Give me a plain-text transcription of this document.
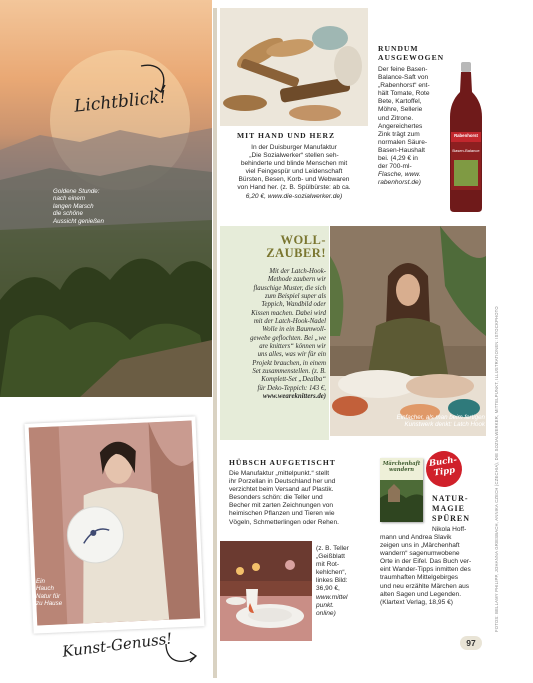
Lichtblick!
Goldene Stunde:
nach einem
langen Marsch
die schöne
Aussicht genießen
MIT HAND UND HERZ
In der Duisburger Manufaktur
„Die Sozialwerker“ stellen seh-
behinderte und blinde Menschen mit
viel Feingespür und Leidenschaft
Bürsten, Besen, Korb- und Webwaren
von Hand her. (z. B. Spülbürste: ab ca.
6,20 €, www.die-sozialwerker.de)
RUNDUM
AUSGEWOGEN
Der feine Basen-
Balance-Saft von
„Rabenhorst“ ent-
hält Tomate, Rote
Bete, Kartoffel,
Möhre, Sellerie
und Zitrone.
Angereichertes
Zink trägt zum
normalen Säure-
Basen-Haushalt
bei. (4,29 € in
der 700-ml-
Flasche, www.
rabenhorst.de)
Rabenhorst
Basen-Balance
WOLL-
ZAUBER!
Mit der Latch-Hook-
Methode zaubern wir
flauschige Muster, die sich
zum Beispiel super als
Teppich, Wandbild oder
Kissen machen. Dabei wird
mit der Latch-Hook-Nadel
Wolle in ein Baumwoll-
gewebe geflochten. Bei „we
are knitters“ können wir
uns alles, was wir für ein
Projekt brauchen, in einem
Set zusammenstellen. (z. B.
Komplett-Set „Dealba“
für Deko-Teppich: 143 €,
www.weareknitters.de)
Einfacher, als man beim fertigen
Kunstwerk denkt: Latch Hook
Ein
Hauch
Natur für
zu Hause
Kunst-Genuss!
HÜBSCH AUFGETISCHT
Die Manufaktur „mittelpunkt.“ stellt
ihr Porzellan in Deutschland her und
verzichtet beim Versand auf Plastik.
Besonders schön: die Teller und
Becher mit zarten Zeichnungen von
heimischen Pflanzen und Tieren wie
Vögeln, Schmetterlingen oder Rehen.
(z. B. Teller
„Geißblatt
mit Rot-
kehlchen“,
linkes Bild:
36,90 €,
www.mittel
punkt.
online)
Märchenhaft
wandern
Buch-
Tipp
NATUR-
MAGIE
SPÜREN
Nikola Hoff-
mann und Andrea Slavik
zeigen uns in „Märchenhaft
wandern“ sagenumwobene
Orte in der Eifel. Das Buch ver-
eint Wander-Tipps inmitten des
traumhaften Mittelgebirges
und neu erzählte Märchen aus
alten Sagen und Legenden.
(Klartext Verlag, 18,95 €)	FOTOS: BELLAMY PHILIPP, JOHANNA GRIESBACH, ANNIKA CZECH (CZECHIA), DIE SOZIALWERKER, MITTELPUNKT, ILLUSTRATIONEN: ISTOCKPHOTO
97
